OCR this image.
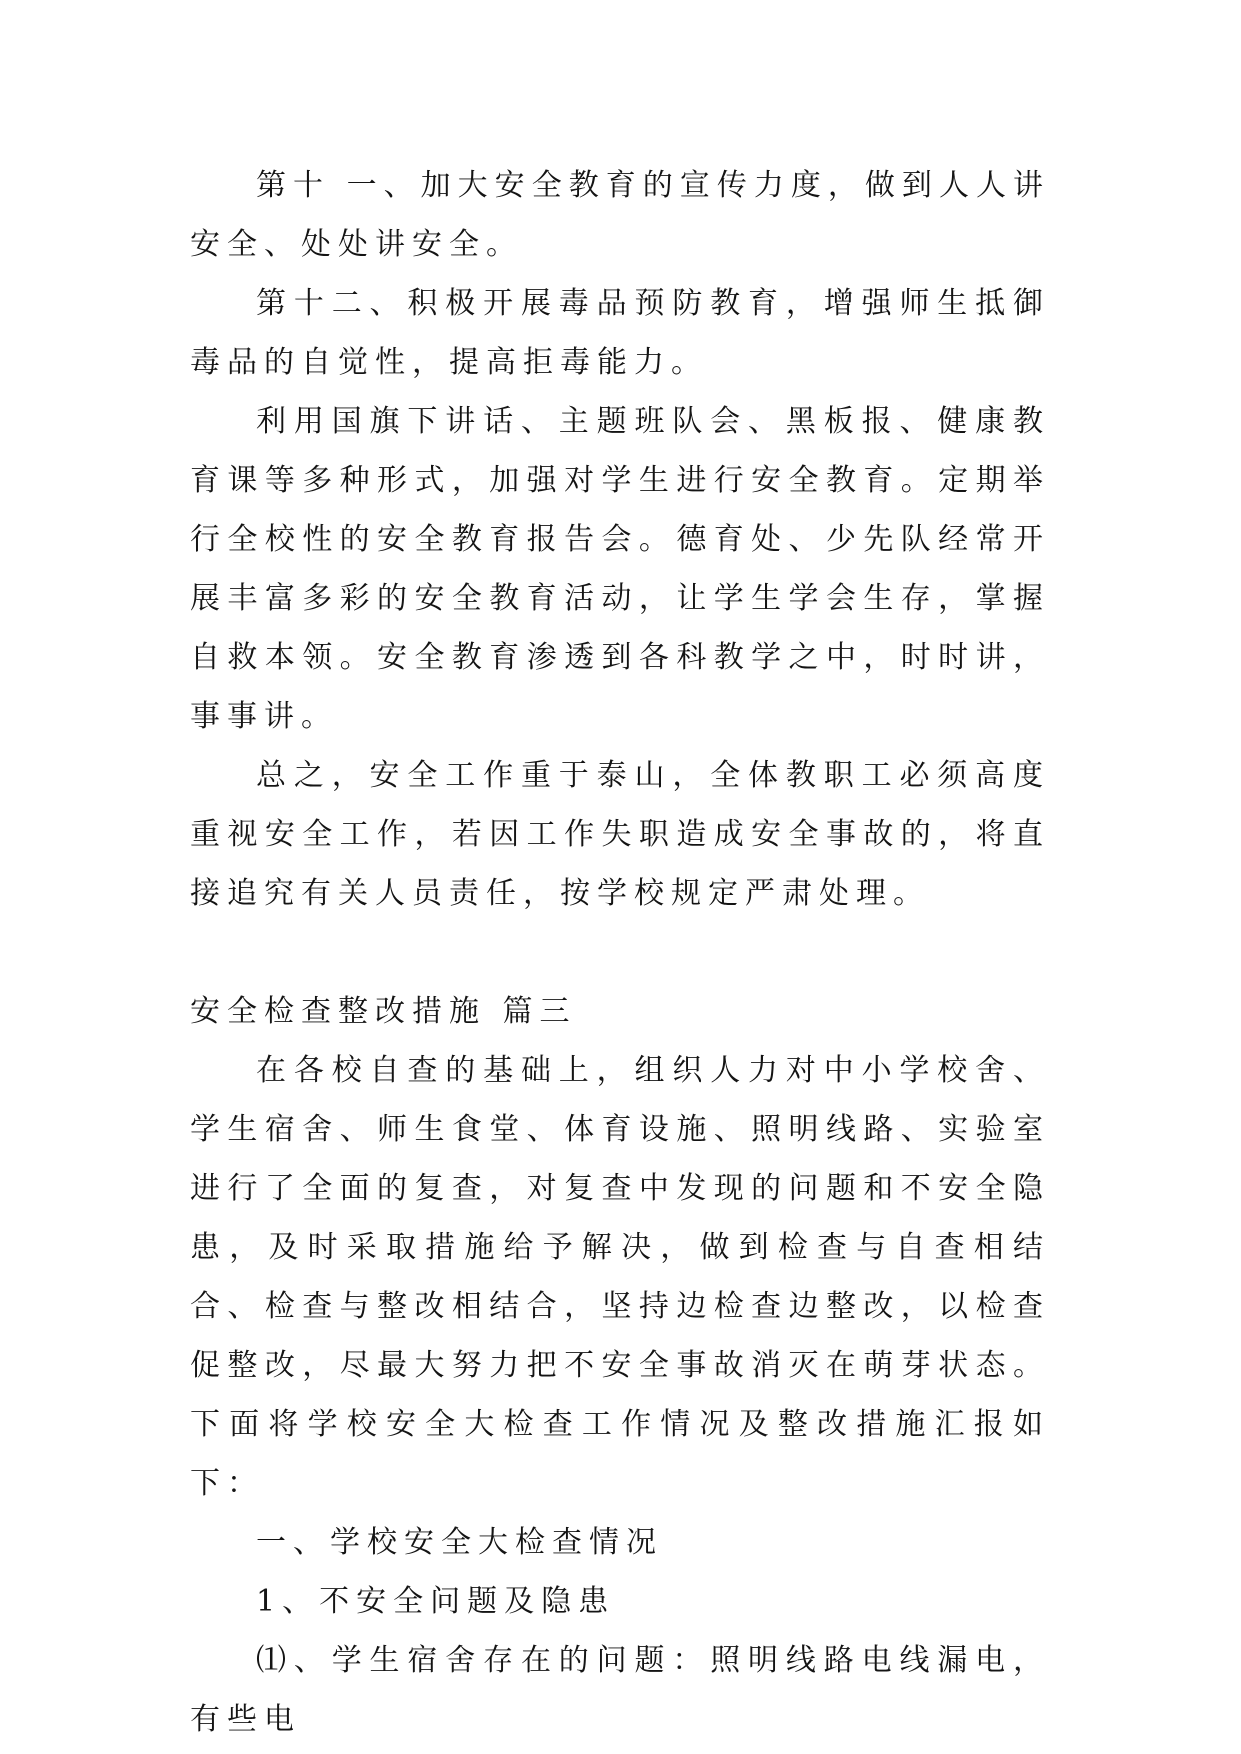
第十 一、加大安全教育的宣传力度，做到人人讲安全、处处讲安全。

第十二、积极开展毒品预防教育，增强师生抵御毒品的自觉性，提高拒毒能力。

利用国旗下讲话、主题班队会、黑板报、健康教育课等多种形式，加强对学生进行安全教育。定期举行全校性的安全教育报告会。德育处、少先队经常开展丰富多彩的安全教育活动，让学生学会生存，掌握自救本领。安全教育渗透到各科教学之中，时时讲，事事讲。

总之，安全工作重于泰山，全体教职工必须高度重视安全工作，若因工作失职造成安全事故的，将直接追究有关人员责任，按学校规定严肃处理。

安全检查整改措施 篇三

在各校自查的基础上，组织人力对中小学校舍、学生宿舍、师生食堂、体育设施、照明线路、实验室进行了全面的复查，对复查中发现的问题和不安全隐患，及时采取措施给予解决，做到检查与自查相结合、检查与整改相结合，坚持边检查边整改，以检查促整改，尽最大努力把不安全事故消灭在萌芽状态。下面将学校安全大检查工作情况及整改措施汇报如下：

一、学校安全大检查情况

1、不安全问题及隐患

⑴、学生宿舍存在的问题：照明线路电线漏电，有些电
